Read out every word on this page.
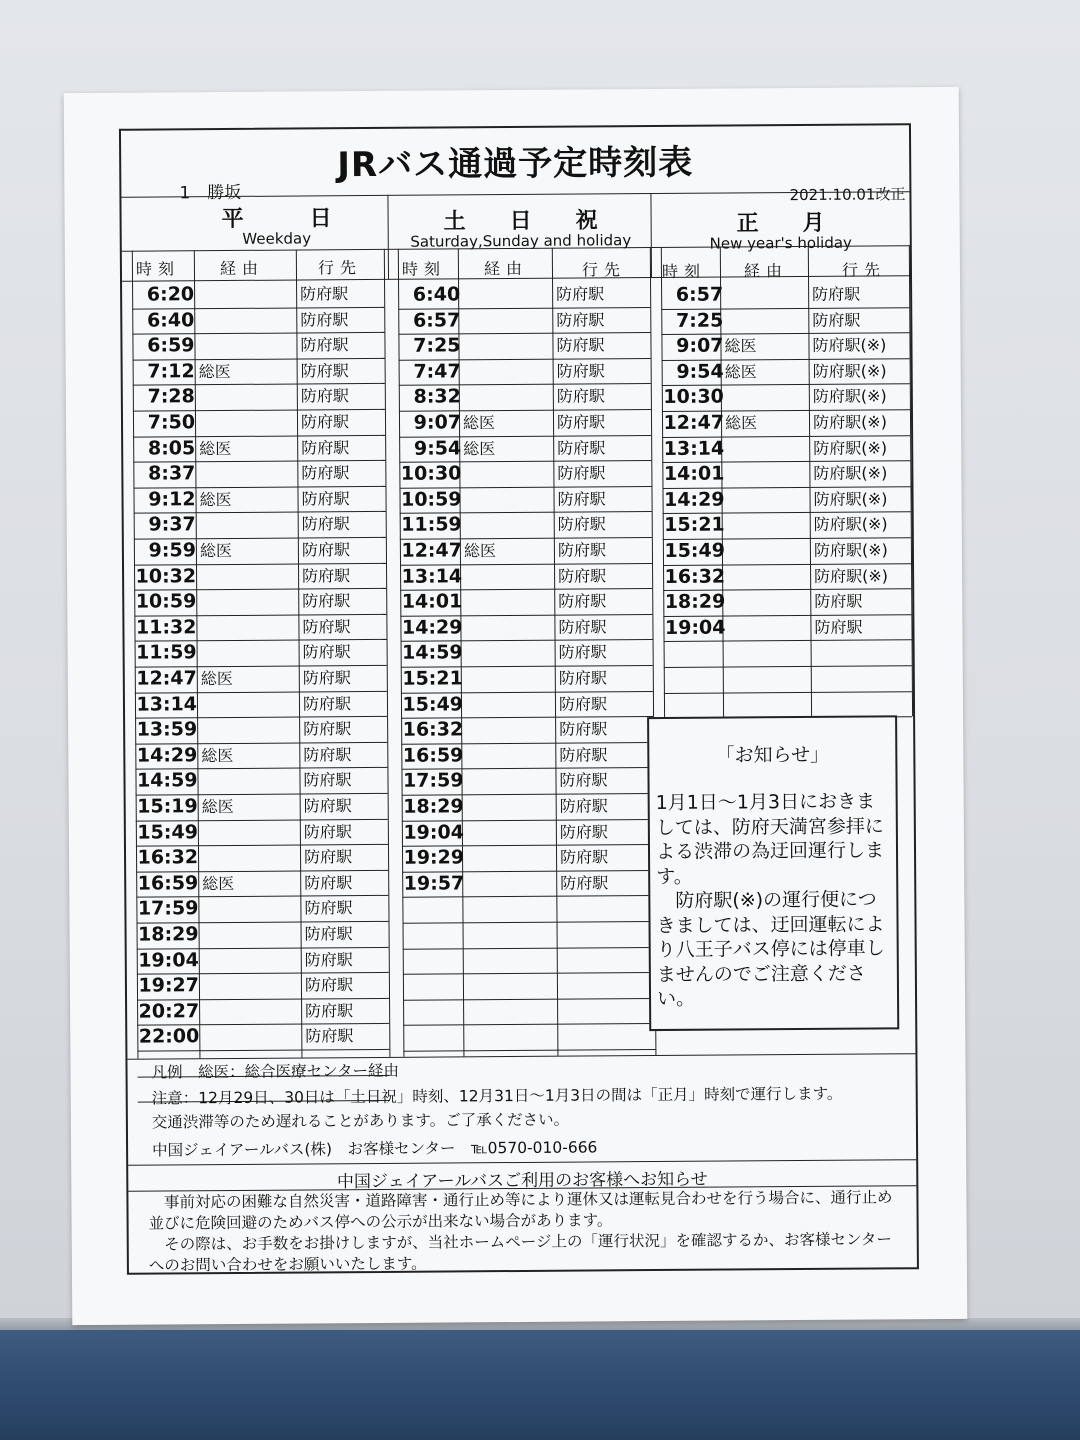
JRバス通過予定時刻表
1　勝坂	2021.10.01改正
平　　　日
Weekday
土　　日　　祝
Saturday,Sunday and holiday
正　　月
New year's holiday
時刻 経由	行先 時刻 経由	行先 時刻 経由	行先
6:20	防府駅
6:40	防府駅
6:59	防府駅
7:12 総医	防府駅
7:28	防府駅
7:50	防府駅
8:05 総医	防府駅
8:37	防府駅
9:12 総医	防府駅
9:37	防府駅
9:59 総医	防府駅
10:32	防府駅
10:59	防府駅
11:32	防府駅
11:59	防府駅
12:47 総医	防府駅
13:14	防府駅
13:59	防府駅
14:29 総医	防府駅
14:59	防府駅
15:19 総医	防府駅
15:49	防府駅
16:32	防府駅
16:59 総医	防府駅
17:59	防府駅
18:29	防府駅
19:04	防府駅
19:27	防府駅
20:27	防府駅
22:00	防府駅
6:40	防府駅
6:57	防府駅
7:25	防府駅
7:47	防府駅
8:32	防府駅
9:07 総医	防府駅
9:54 総医	防府駅
10:30	防府駅
10:59	防府駅
11:59	防府駅
12:47 総医	防府駅
13:14	防府駅
14:01	防府駅
14:29	防府駅
14:59	防府駅
15:21	防府駅
15:49	防府駅
16:32	防府駅
16:59	防府駅
17:59	防府駅
18:29	防府駅
19:04	防府駅
19:29	防府駅
19:57	防府駅
6:57	防府駅
7:25	防府駅
9:07 総医	防府駅(※)
9:54 総医	防府駅(※)
10:30	防府駅(※)
12:47 総医	防府駅(※)
13:14	防府駅(※)
14:01	防府駅(※)
14:29	防府駅(※)
15:21	防府駅(※)
15:49	防府駅(※)
16:32	防府駅(※)
18:29	防府駅
19:04	防府駅
「お知らせ」
1月1日～1月3日におきましては、防府天満宮参拝による渋滞の為迂回運行します。
　防府駅(※)の運行便につきましては、迂回運転により八王子バス停には停車しませんのでご注意ください。
凡例　総医：総合医療センター経由
注意：12月29日、30日は「土日祝」時刻、12月31日～1月3日の間は「正月」時刻で運行します。
交通渋滞等のため遅れることがあります。ご了承ください。
中国ジェイアールバス(株)　お客様センター　℡0570-010-666
中国ジェイアールバスご利用のお客様へお知らせ
　事前対応の困難な自然災害・道路障害・通行止め等により運休又は運転見合わせを行う場合に、通行止め並びに危険回避のためバス停への公示が出来ない場合があります。
　その際は、お手数をお掛けしますが、当社ホームページ上の「運行状況」を確認するか、お客様センターへのお問い合わせをお願いいたします。
